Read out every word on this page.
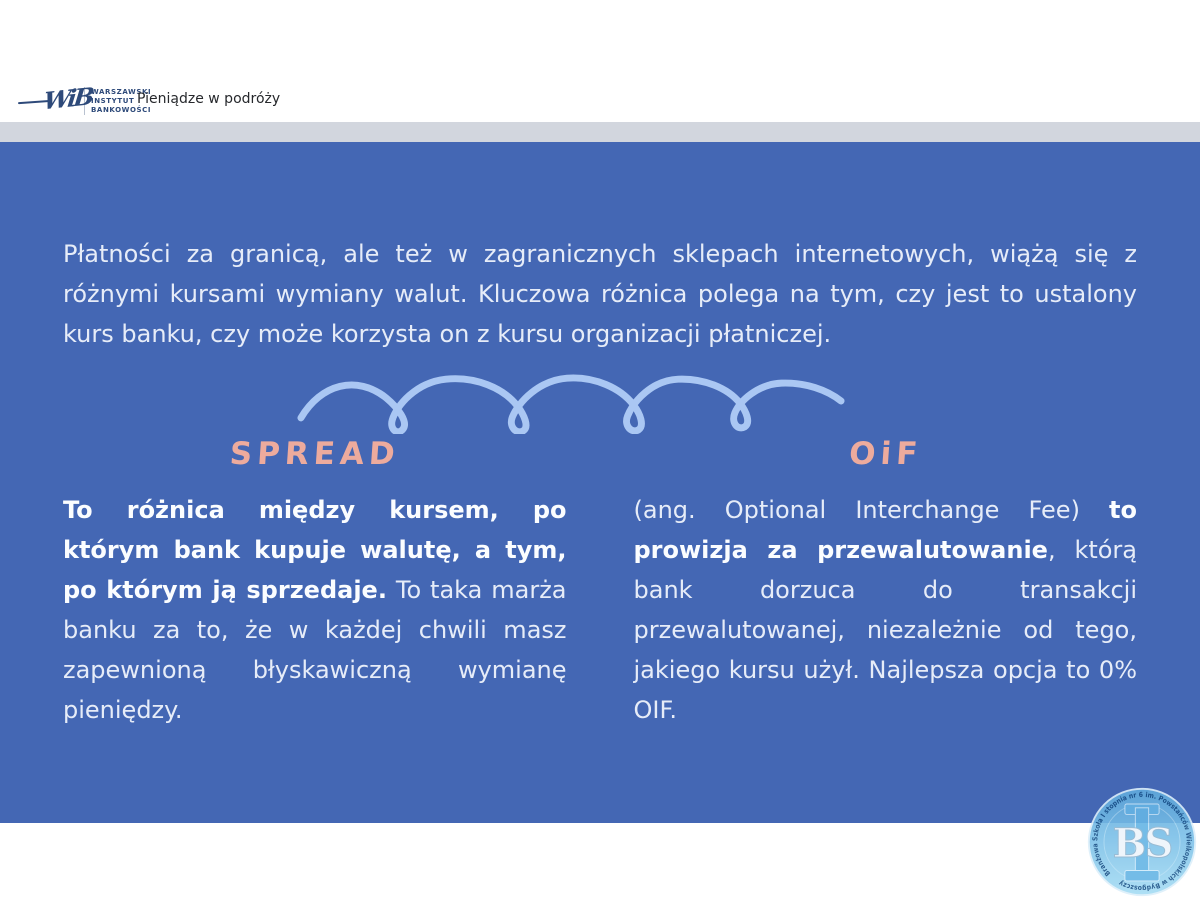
WiB
WARSZAWSKI
INSTYTUT
BANKOWOŚCI
Pieniądze w podróży

Płatności za granicą, ale też w zagranicznych sklepach internetowych, wiążą się z różnymi kursami wymiany walut. Kluczowa różnica polega na tym, czy jest to ustalony kurs banku, czy może korzysta on z kursu organizacji płatniczej.

SPREAD

To różnica między kursem, po którym bank kupuje walutę, a tym, po którym ją sprzedaje. To taka marża banku za to, że w każdej chwili masz zapewnioną błyskawiczną wymianę pieniędzy.

OiF

(ang. Optional Interchange Fee) to prowizja za przewalutowanie, którą bank dorzuca do transakcji przewalutowanej, niezależnie od tego, jakiego kursu użył. Najlepsza opcja to 0% OIF.

BS
Branżowa Szkoła I stopnia nr 6 im. Powstańców Wielkopolskich w Bydgoszczy
